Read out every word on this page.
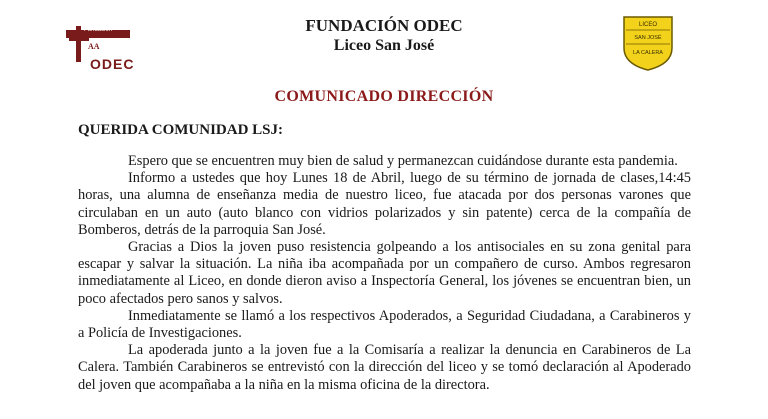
Fundación
AA
ODEC
FUNDACIÓN ODEC
Liceo San José
LICEO
SAN JOSÉ
LA CALERA
COMUNICADO DIRECCIÓN
QUERIDA COMUNIDAD LSJ:

Espero que se encuentren muy bien de salud y permanezcan cuidándose durante esta pandemia.

Informo a ustedes que hoy Lunes 18 de Abril, luego de su término de jornada de clases,14:45 horas, una alumna de enseñanza media de nuestro liceo, fue atacada por dos personas varones que circulaban en un auto (auto blanco con vidrios polarizados y sin patente) cerca de la compañía de Bomberos, detrás de la parroquia San José.

Gracias a Dios la joven puso resistencia golpeando a los antisociales en su zona genital para escapar y salvar la situación. La niña iba acompañada por un compañero de curso. Ambos regresaron inmediatamente al Liceo, en donde dieron aviso a Inspectoría General, los jóvenes se encuentran bien, un poco afectados pero sanos y salvos.

Inmediatamente se llamó a los respectivos Apoderados, a Seguridad Ciudadana, a Carabineros y a Policía de Investigaciones.

La apoderada junto a la joven fue a la Comisaría a realizar la denuncia en Carabineros de La Calera. También Carabineros se entrevistó con la dirección del liceo y se tomó declaración al Apoderado del joven que acompañaba a la niña en la misma oficina de la directora.
